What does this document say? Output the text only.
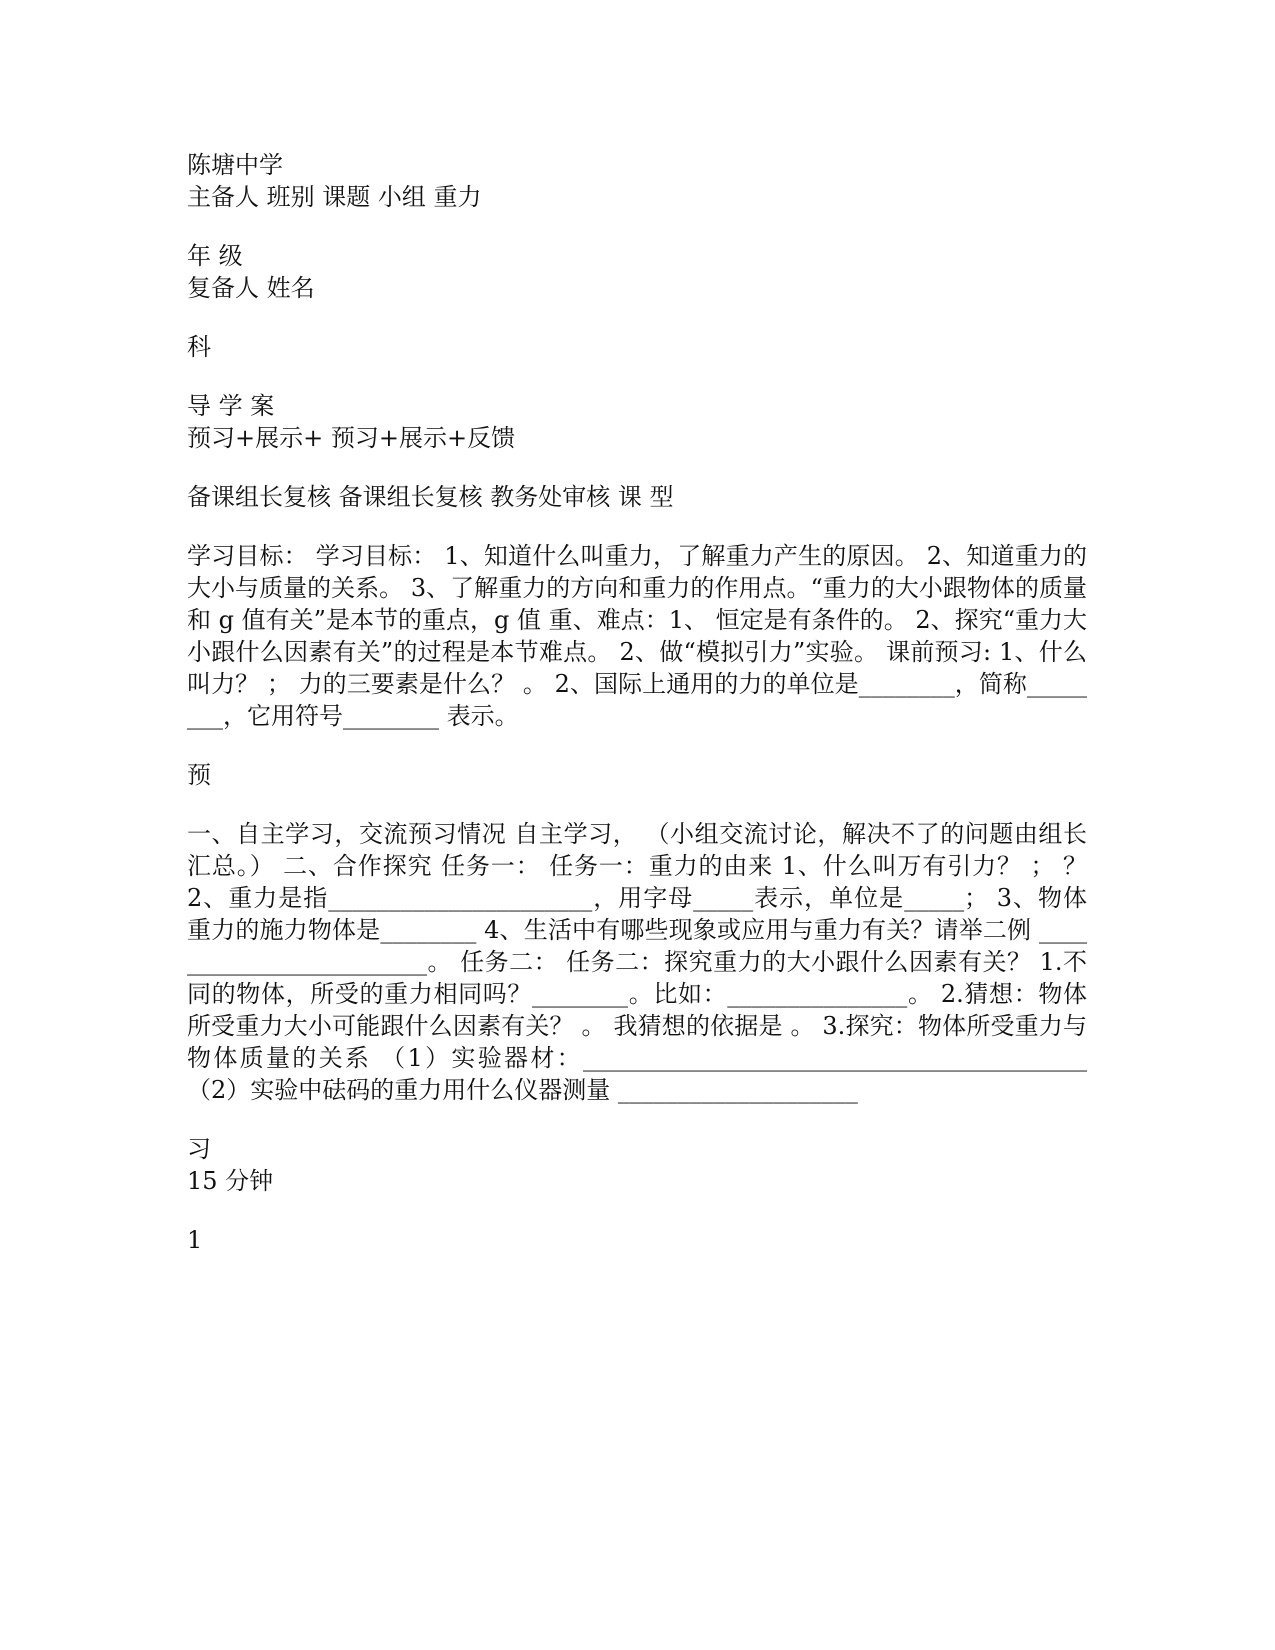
陈塘中学

主备人 班别 课题 小组 重力

年 级

复备人 姓名

科

导 学 案

预习+展示+ 预习+展示+反馈

备课组长复核 备课组长复核 教务处审核 课 型

学习目标： 学习目标： 1、知道什么叫重力，了解重力产生的原因。 2、知道重力的大小与质量的关系。 3、了解重力的方向和重力的作用点。“重力的大小跟物体的质量和 g 值有关”是本节的重点，g 值 重、难点：1、 恒定是有条件的。 2、探究“重力大小跟什么因素有关”的过程是本节难点。 2、做“模拟引力”实验。 课前预习: 1、什么叫力？ ； 力的三要素是什么？ 。 2、国际上通用的力的单位是________，简称________，它用符号________ 表示。

预

一、自主学习，交流预习情况 自主学习， （小组交流讨论，解决不了的问题由组长汇总。） 二、合作探究 任务一： 任务一：重力的由来 1、什么叫万有引力？ ； ？ 2、重力是指______________________，用字母_____表示，单位是_____； 3、物体重力的施力物体是________ 4、生活中有哪些现象或应用与重力有关？请举二例 ________________________。 任务二： 任务二：探究重力的大小跟什么因素有关？ 1.不同的物体，所受的重力相同吗？________。比如：_______________。 2.猜想：物体所受重力大小可能跟什么因素有关？ 。 我猜想的依据是 。 3.探究：物体所受重力与物体质量的关系 （1）实验器材：__________________________________________ （2）实验中砝码的重力用什么仪器测量 ____________________

习

15 分钟

1
